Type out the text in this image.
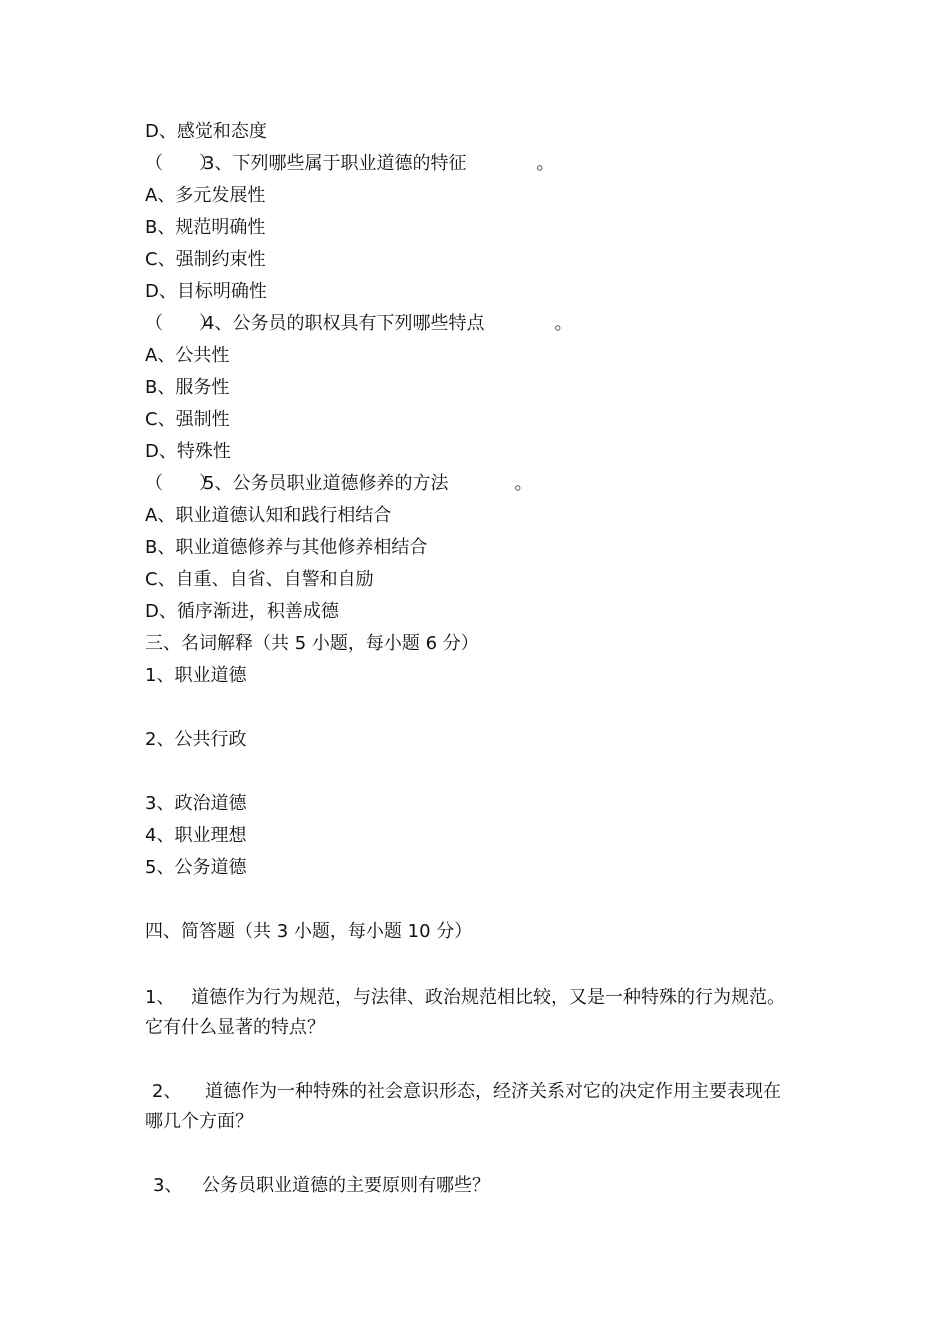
D、感觉和态度
（　　）3、下列哪些属于职业道德的特征	。
A、多元发展性
B、规范明确性
C、强制约束性
D、目标明确性
（　　）4、公务员的职权具有下列哪些特点	。
A、公共性
B、服务性
C、强制性
D、特殊性
（　　）5、公务员职业道德修养的方法	。
A、职业道德认知和践行相结合
B、职业道德修养与其他修养相结合
C、自重、自省、自警和自励
D、循序渐进，积善成德
三、名词解释（共 5 小题，每小题 6 分）
1、职业道德
2、公共行政
3、政治道德
4、职业理想
5、公务道德
四、简答题（共 3 小题，每小题 10 分）
1、 道德作为行为规范，与法律、政治规范相比较，又是一种特殊的行为规范。
它有什么显著的特点？
2、 道德作为一种特殊的社会意识形态，经济关系对它的决定作用主要表现在
哪几个方面？
3、 公务员职业道德的主要原则有哪些？
